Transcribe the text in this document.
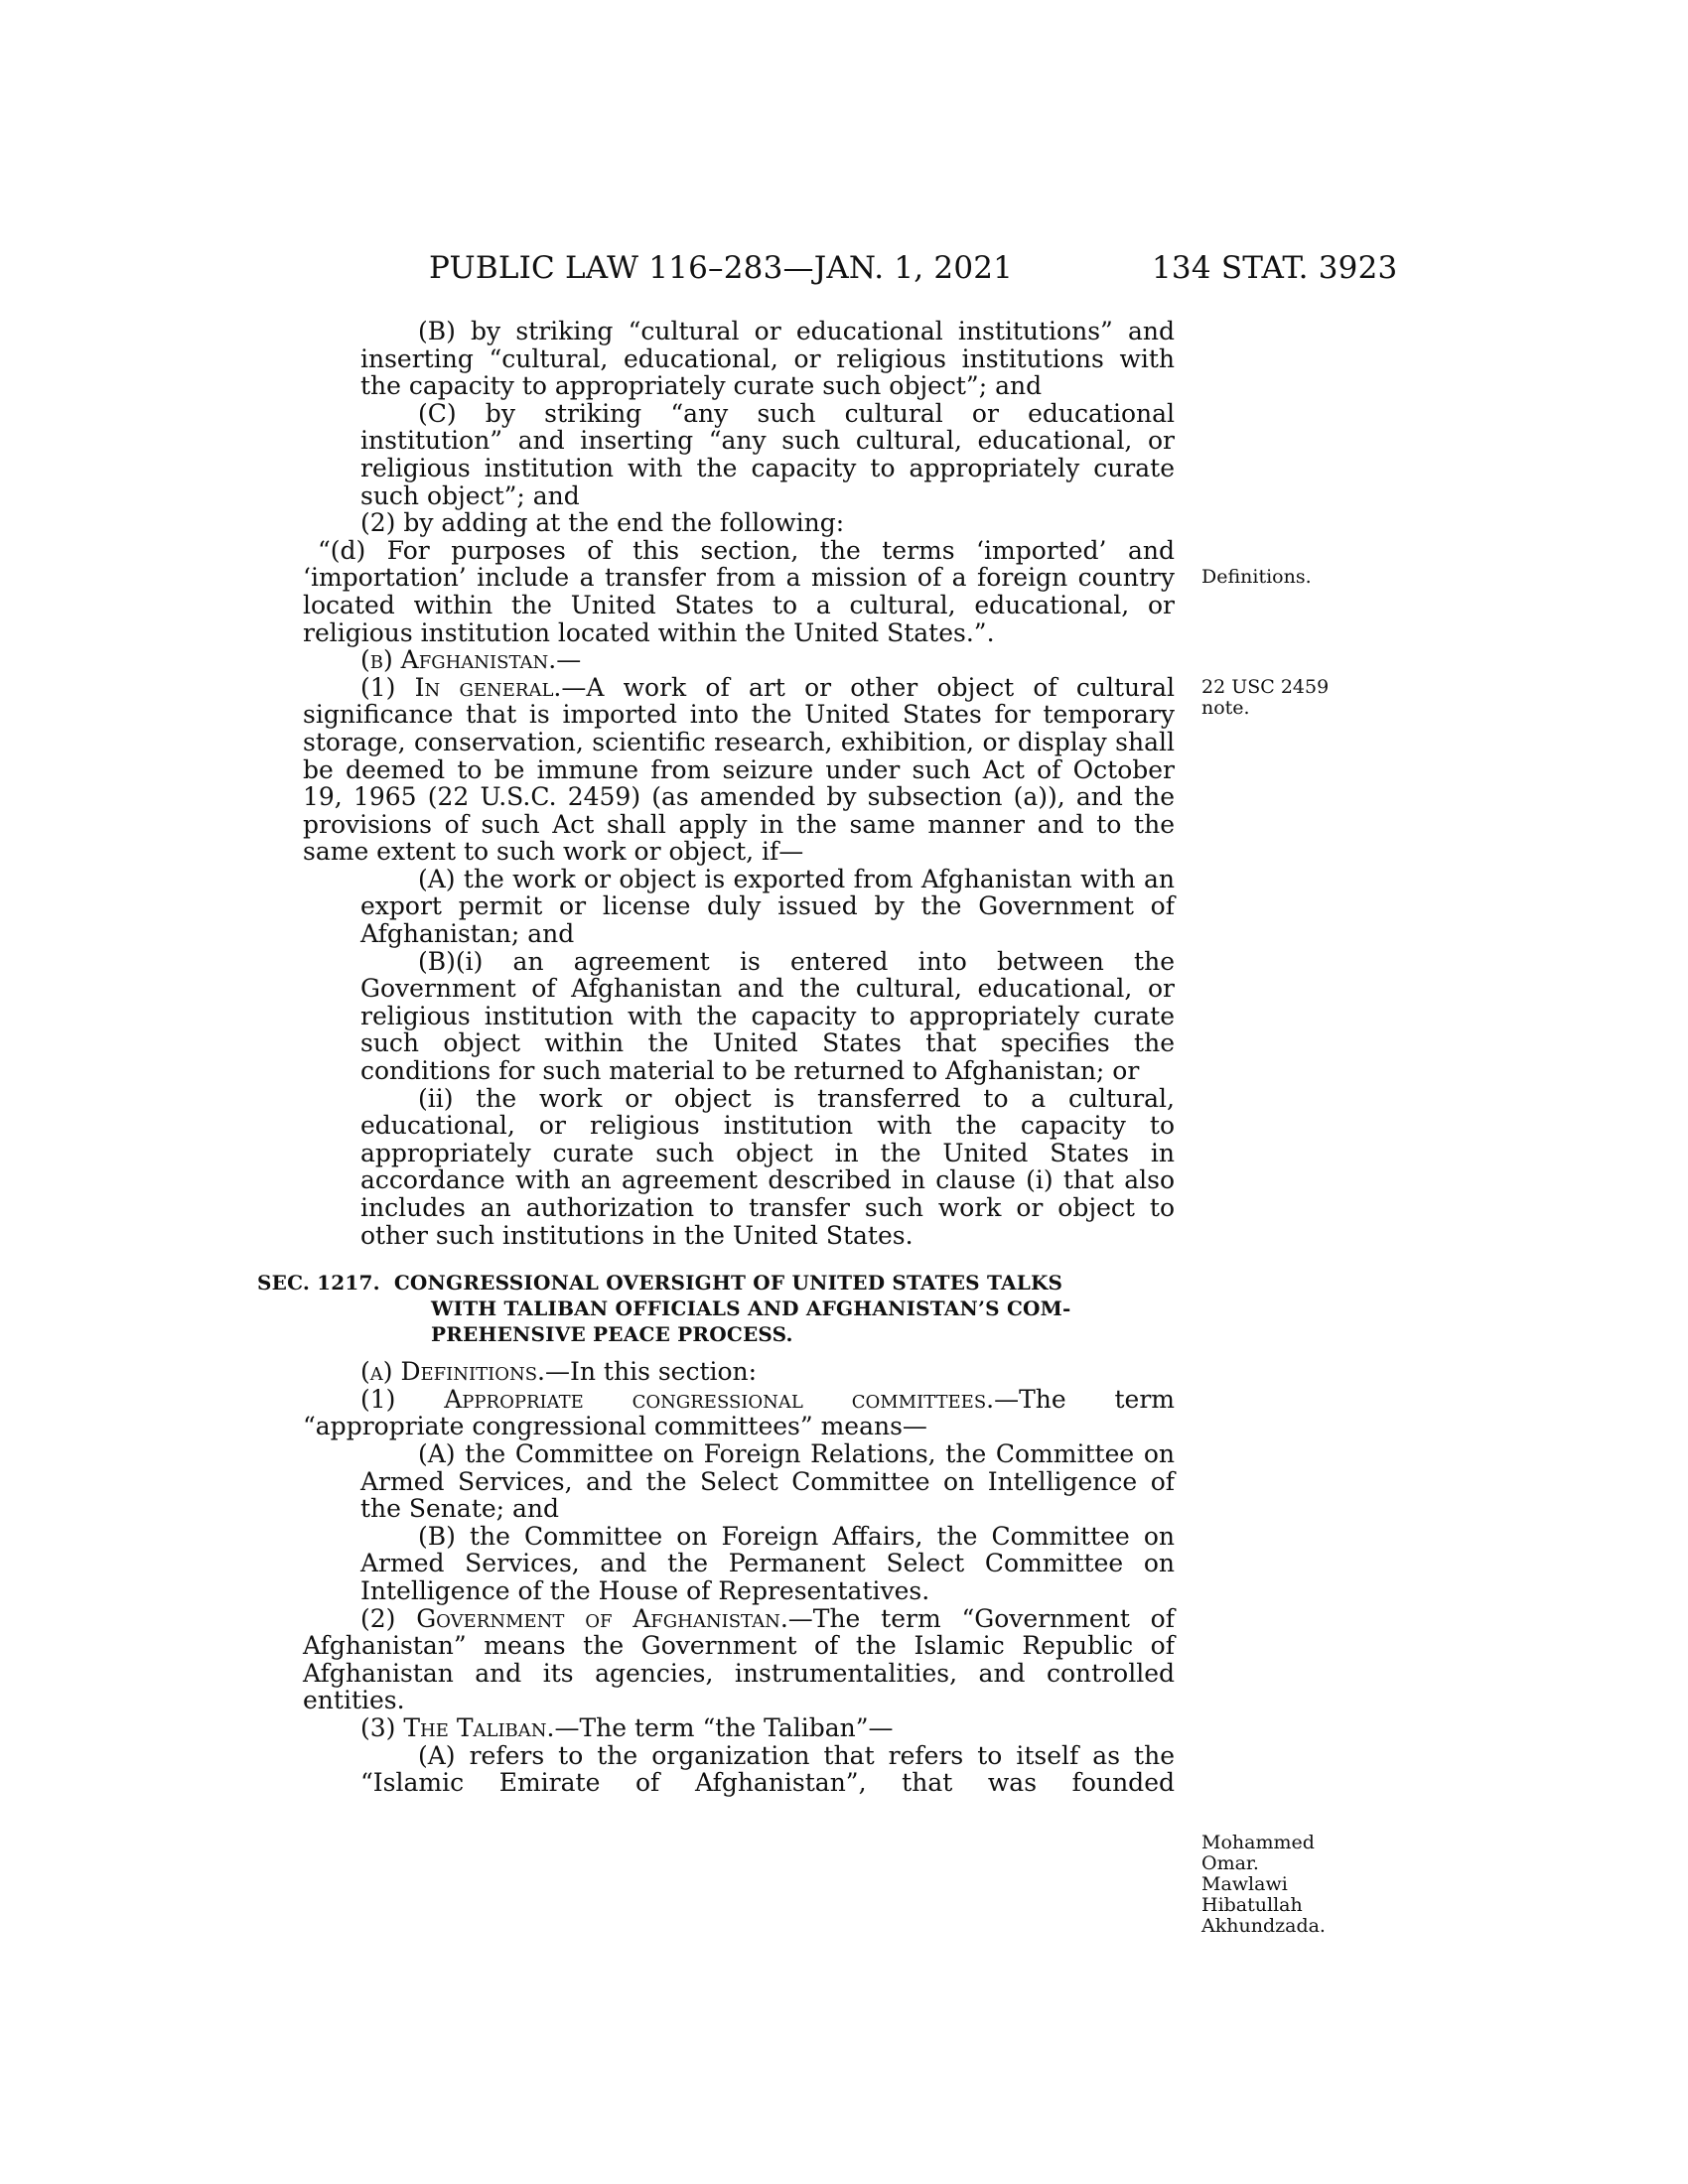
PUBLIC LAW 116–283—JAN. 1, 2021	134 STAT. 3923

(B) by striking “cultural or educational institutions” and inserting “cultural, educational, or religious institutions with the capacity to appropriately curate such object”; and

(C) by striking “any such cultural or educational institution” and inserting “any such cultural, educational, or religious institution with the capacity to appropriately curate such object”; and

(2) by adding at the end the following:

“(d) For purposes of this section, the terms ‘imported’ and ‘importation’ include a transfer from a mission of a foreign country located within the United States to a cultural, educational, or religious institution located within the United States.”.

(b) Afghanistan.—

(1) In general.—A work of art or other object of cultural significance that is imported into the United States for temporary storage, conservation, scientific research, exhibition, or display shall be deemed to be immune from seizure under such Act of October 19, 1965 (22 U.S.C. 2459) (as amended by subsection (a)), and the provisions of such Act shall apply in the same manner and to the same extent to such work or object, if—

(A) the work or object is exported from Afghanistan with an export permit or license duly issued by the Government of Afghanistan; and

(B)(i) an agreement is entered into between the Government of Afghanistan and the cultural, educational, or religious institution with the capacity to appropriately curate such object within the United States that specifies the conditions for such material to be returned to Afghanistan; or

(ii) the work or object is transferred to a cultural, educational, or religious institution with the capacity to appropriately curate such object in the United States in accordance with an agreement described in clause (i) that also includes an authorization to transfer such work or object to other such institutions in the United States.

SEC. 1217. CONGRESSIONAL OVERSIGHT OF UNITED STATES TALKS
WITH TALIBAN OFFICIALS AND AFGHANISTAN’S COM-
PREHENSIVE PEACE PROCESS.

(a) Definitions.—In this section:

(1) Appropriate congressional committees.—The term “appropriate congressional committees” means—

(A) the Committee on Foreign Relations, the Committee on Armed Services, and the Select Committee on Intelligence of the Senate; and

(B) the Committee on Foreign Affairs, the Committee on Armed Services, and the Permanent Select Committee on Intelligence of the House of Representatives.

(2) Government of Afghanistan.—The term “Government of Afghanistan” means the Government of the Islamic Republic of Afghanistan and its agencies, instrumentalities, and controlled entities.

(3) The Taliban.—The term “the Taliban”—

(A) refers to the organization that refers to itself as the “Islamic Emirate of Afghanistan”, that was founded

Definitions.
22 USC 2459
note.
Mohammed
Omar.
Mawlawi
Hibatullah
Akhundzada.
